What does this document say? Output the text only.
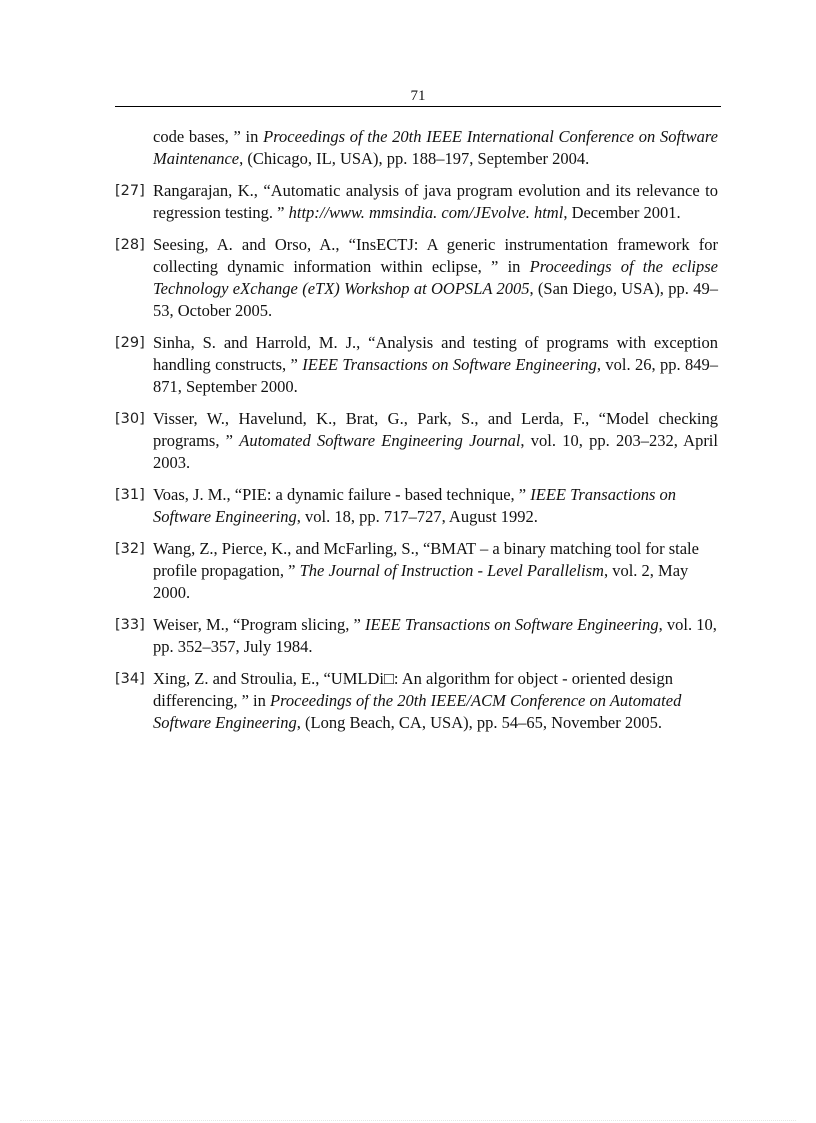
71
code bases, ” in Proceedings of the 20th IEEE International Conference on Software Maintenance, (Chicago, IL, USA), pp. 188–197, September 2004.
[27] Rangarajan, K., “Automatic analysis of java program evolution and its relevance to regression testing. ” http://www. mmsindia. com/JEvolve. html, December 2001.
[28] Seesing, A. and Orso, A., “InsECTJ: A generic instrumentation framework for collecting dynamic information within eclipse, ” in Proceedings of the eclipse Technology eXchange (eTX) Workshop at OOPSLA 2005, (San Diego, USA), pp. 49–53, October 2005.
[29] Sinha, S. and Harrold, M. J., “Analysis and testing of programs with exception handling constructs, ” IEEE Transactions on Software Engineering, vol. 26, pp. 849–871, September 2000.
[30] Visser, W., Havelund, K., Brat, G., Park, S., and Lerda, F., “Model checking programs, ” Automated Software Engineering Journal, vol. 10, pp. 203–232, April 2003.
[31] Voas, J. M., “PIE: a dynamic failure - based technique, ” IEEE Transactions on Software Engineering, vol. 18, pp. 717–727, August 1992.
[32] Wang, Z., Pierce, K., and McFarling, S., “BMAT – a binary matching tool for stale profile propagation, ” The Journal of Instruction - Level Parallelism, vol. 2, May 2000.
[33] Weiser, M., “Program slicing, ” IEEE Transactions on Software Engineering, vol. 10, pp. 352–357, July 1984.
[34] Xing, Z. and Stroulia, E., “UMLDi□: An algorithm for object - oriented design differencing, ” in Proceedings of the 20th IEEE/ACM Conference on Automated Software Engineering, (Long Beach, CA, USA), pp. 54–65, November 2005.
